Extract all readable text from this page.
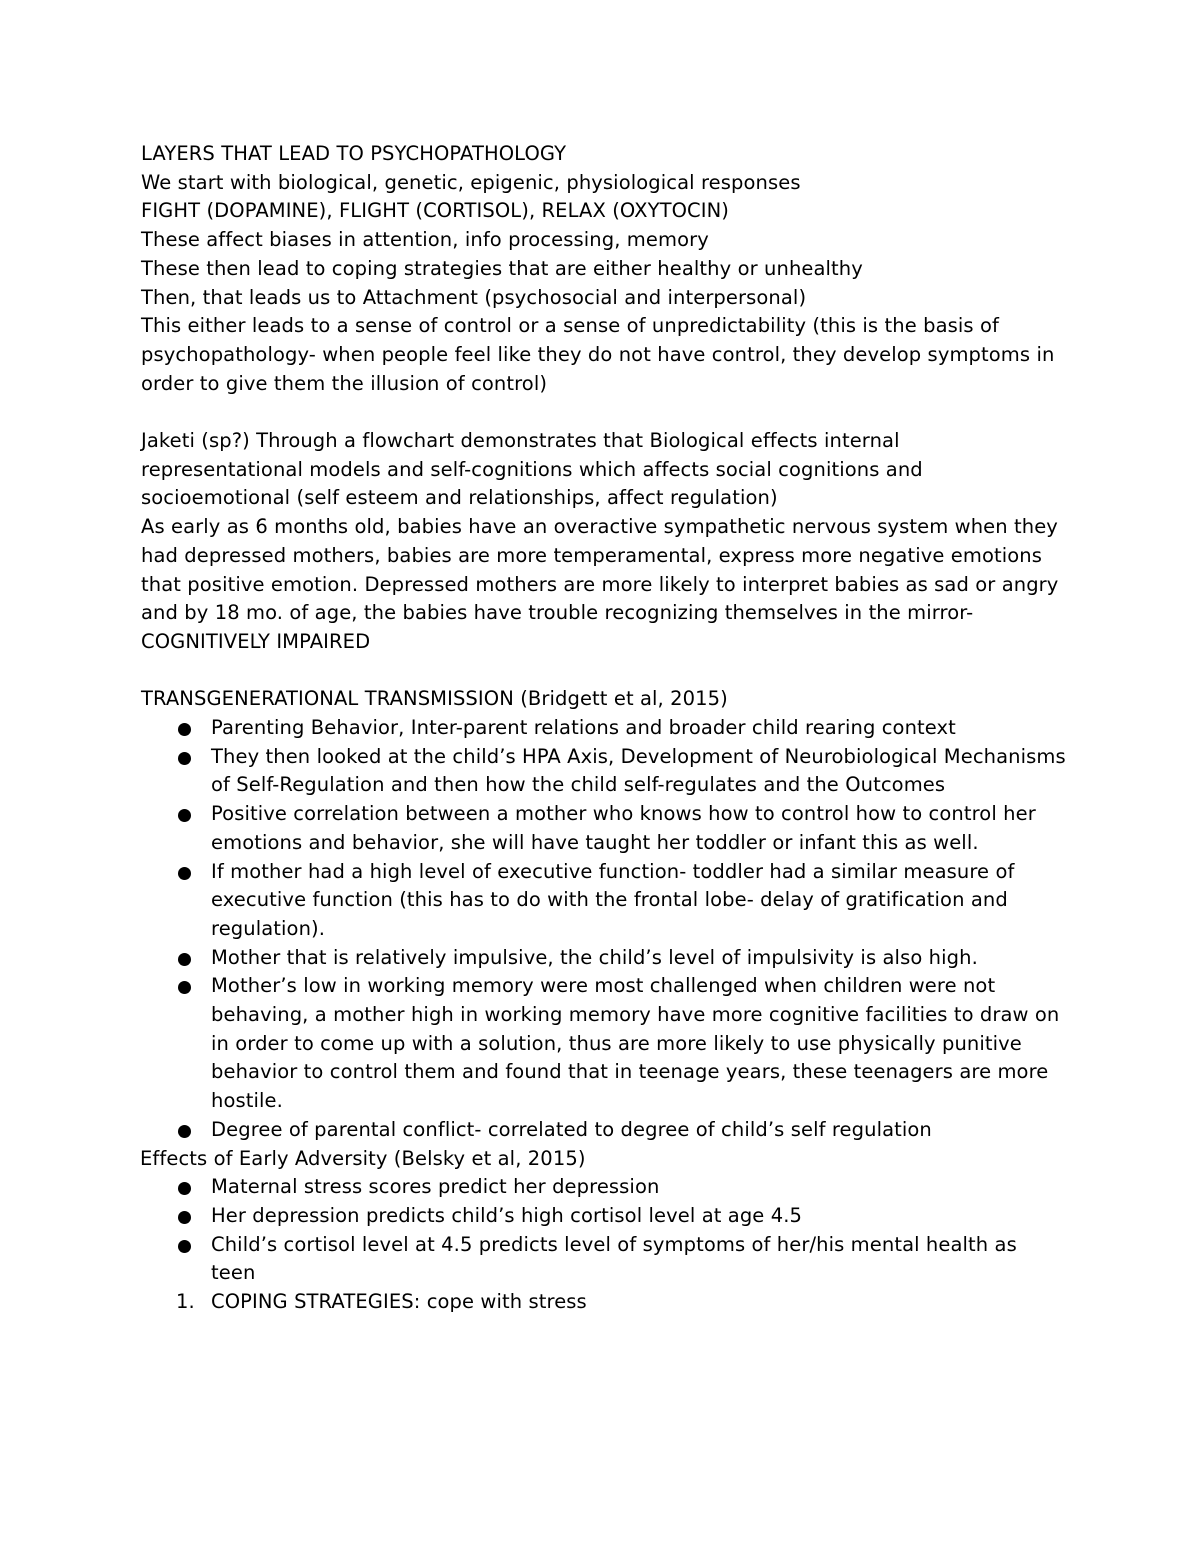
LAYERS THAT LEAD TO PSYCHOPATHOLOGY

We start with biological, genetic, epigenic, physiological responses

FIGHT (DOPAMINE), FLIGHT (CORTISOL), RELAX (OXYTOCIN)

These affect biases in attention, info processing, memory

These then lead to coping strategies that are either healthy or unhealthy

Then, that leads us to Attachment (psychosocial and interpersonal)

This either leads to a sense of control or a sense of unpredictability (this is the basis of psychopathology- when people feel like they do not have control, they develop symptoms in order to give them the illusion of control)

Jaketi (sp?) Through a flowchart demonstrates that Biological effects internal representational models and self-cognitions which affects social cognitions and socioemotional (self esteem and relationships, affect regulation)

As early as 6 months old, babies have an overactive sympathetic nervous system when they had depressed mothers, babies are more temperamental, express more negative emotions that positive emotion. Depressed mothers are more likely to interpret babies as sad or angry and by 18 mo. of age, the babies have trouble recognizing themselves in the mirror- COGNITIVELY IMPAIRED

TRANSGENERATIONAL TRANSMISSION (Bridgett et al, 2015)

Parenting Behavior, Inter-parent relations and broader child rearing context
They then looked at the child’s HPA Axis, Development of Neurobiological Mechanisms of Self-Regulation and then how the child self-regulates and the Outcomes
Positive correlation between a mother who knows how to control how to control her emotions and behavior, she will have taught her toddler or infant this as well.
If mother had a high level of executive function- toddler had a similar measure of executive function (this has to do with the frontal lobe- delay of gratification and regulation).
Mother that is relatively impulsive, the child’s level of impulsivity is also high.
Mother’s low in working memory were most challenged when children were not behaving, a mother high in working memory have more cognitive facilities to draw on in order to come up with a solution, thus are more likely to use physically punitive behavior to control them and found that in teenage years, these teenagers are more hostile.
Degree of parental conflict- correlated to degree of child’s self regulation

Effects of Early Adversity (Belsky et al, 2015)

Maternal stress scores predict her depression
Her depression predicts child’s high cortisol level at age 4.5
Child’s cortisol level at 4.5 predicts level of symptoms of her/his mental health as teen
1. COPING STRATEGIES: cope with stress
